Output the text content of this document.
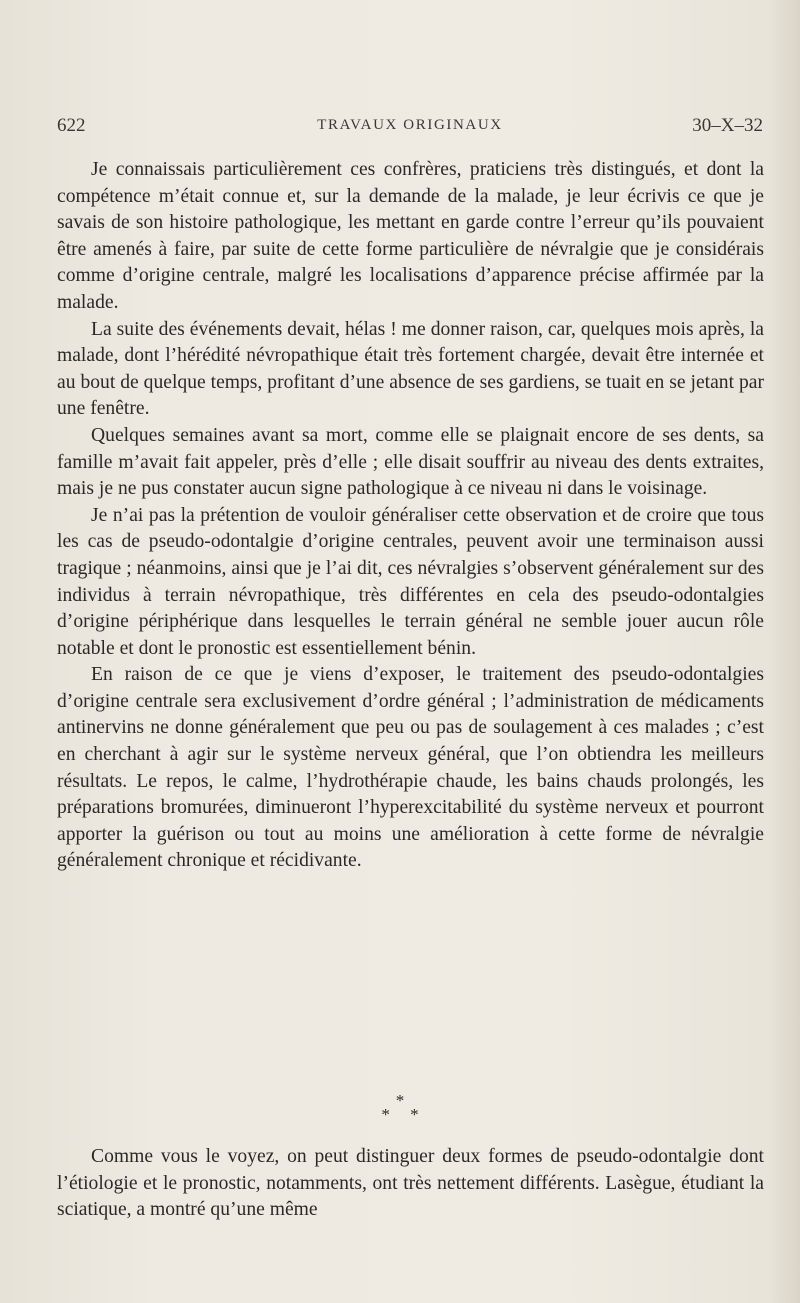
622	TRAVAUX ORIGINAUX	30–X–32

Je connaissais particulièrement ces confrères, praticiens très distingués, et dont la compétence m’était connue et, sur la demande de la malade, je leur écrivis ce que je savais de son histoire pathologique, les mettant en garde contre l’erreur qu’ils pouvaient être amenés à faire, par suite de cette forme particulière de névralgie que je considérais comme d’origine centrale, malgré les localisations d’apparence précise affirmée par la malade.

La suite des événements devait, hélas ! me donner raison, car, quelques mois après, la malade, dont l’hérédité névropathique était très fortement chargée, devait être internée et au bout de quelque temps, profitant d’une absence de ses gardiens, se tuait en se jetant par une fenêtre.

Quelques semaines avant sa mort, comme elle se plaignait encore de ses dents, sa famille m’avait fait appeler, près d’elle ; elle disait souffrir au niveau des dents extraites, mais je ne pus constater aucun signe pathologique à ce niveau ni dans le voisinage.

Je n’ai pas la prétention de vouloir généraliser cette observation et de croire que tous les cas de pseudo-odontalgie d’origine centrales, peuvent avoir une terminaison aussi tragique ; néanmoins, ainsi que je l’ai dit, ces névralgies s’observent généralement sur des individus à terrain névropathique, très différentes en cela des pseudo-odontalgies d’origine périphérique dans lesquelles le terrain général ne semble jouer aucun rôle notable et dont le pronostic est essentiellement bénin.

En raison de ce que je viens d’exposer, le traitement des pseudo-odontalgies d’origine centrale sera exclusivement d’ordre général ; l’administration de médicaments antinervins ne donne généralement que peu ou pas de soulagement à ces malades ; c’est en cherchant à agir sur le système nerveux général, que l’on obtiendra les meilleurs résultats. Le repos, le calme, l’hydrothérapie chaude, les bains chauds prolongés, les préparations bromurées, diminueront l’hyperexcitabilité du système nerveux et pourront apporter la guérison ou tout au moins une amélioration à cette forme de névralgie généralement chronique et récidivante.

*
* *

Comme vous le voyez, on peut distinguer deux formes de pseudo-odontalgie dont l’étiologie et le pronostic, notamments, ont très nettement différents. Lasègue, étudiant la sciatique, a montré qu’une même
